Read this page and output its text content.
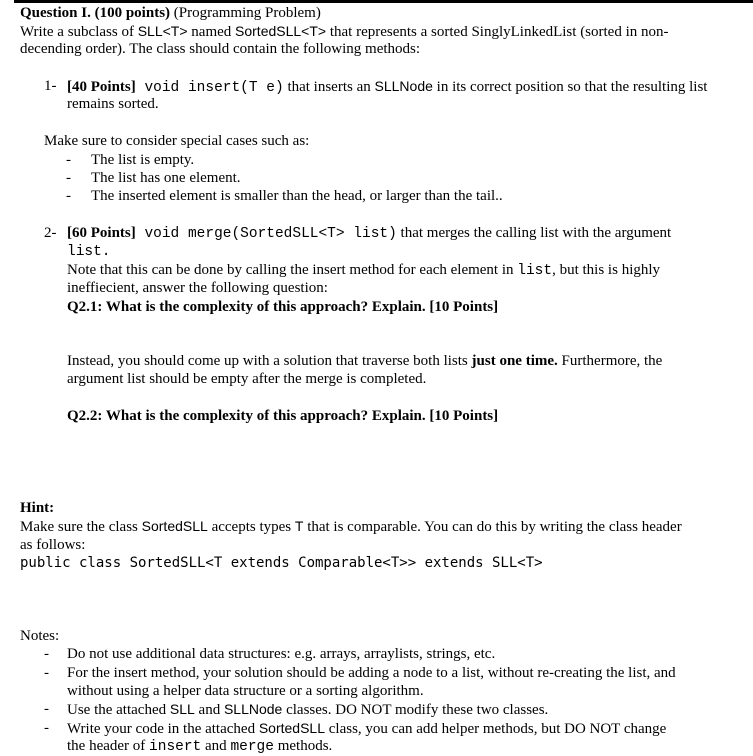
Question I. (100 points) (Programming Problem)
Write a subclass of SLL<T> named SortedSLL<T> that represents a sorted SinglyLinkedList (sorted in non-
decending order). The class should contain the following methods:
1- [40 Points] void insert(T e) that inserts an SLLNode in its correct position so that the resulting list
remains sorted.
Make sure to consider special cases such as:
- The list is empty.
- The list has one element.
- The inserted element is smaller than the head, or larger than the tail..
2- [60 Points] void merge(SortedSLL<T> list) that merges the calling list with the argument
list.
Note that this can be done by calling the insert method for each element in list, but this is highly
ineffiecient, answer the following question:
Q2.1: What is the complexity of this approach? Explain. [10 Points]
Instead, you should come up with a solution that traverse both lists just one time. Furthermore, the
argument list should be empty after the merge is completed.
Q2.2: What is the complexity of this approach? Explain. [10 Points]
Hint:
Make sure the class SortedSLL accepts types T that is comparable. You can do this by writing the class header
as follows:
public class SortedSLL<T extends Comparable<T>> extends SLL<T>
Notes:
- Do not use additional data structures: e.g. arrays, arraylists, strings, etc.
- For the insert method, your solution should be adding a node to a list, without re-creating the list, and
without using a helper data structure or a sorting algorithm.
- Use the attached SLL and SLLNode classes. DO NOT modify these two classes.
- Write your code in the attached SortedSLL class, you can add helper methods, but DO NOT change
the header of insert and merge methods.
